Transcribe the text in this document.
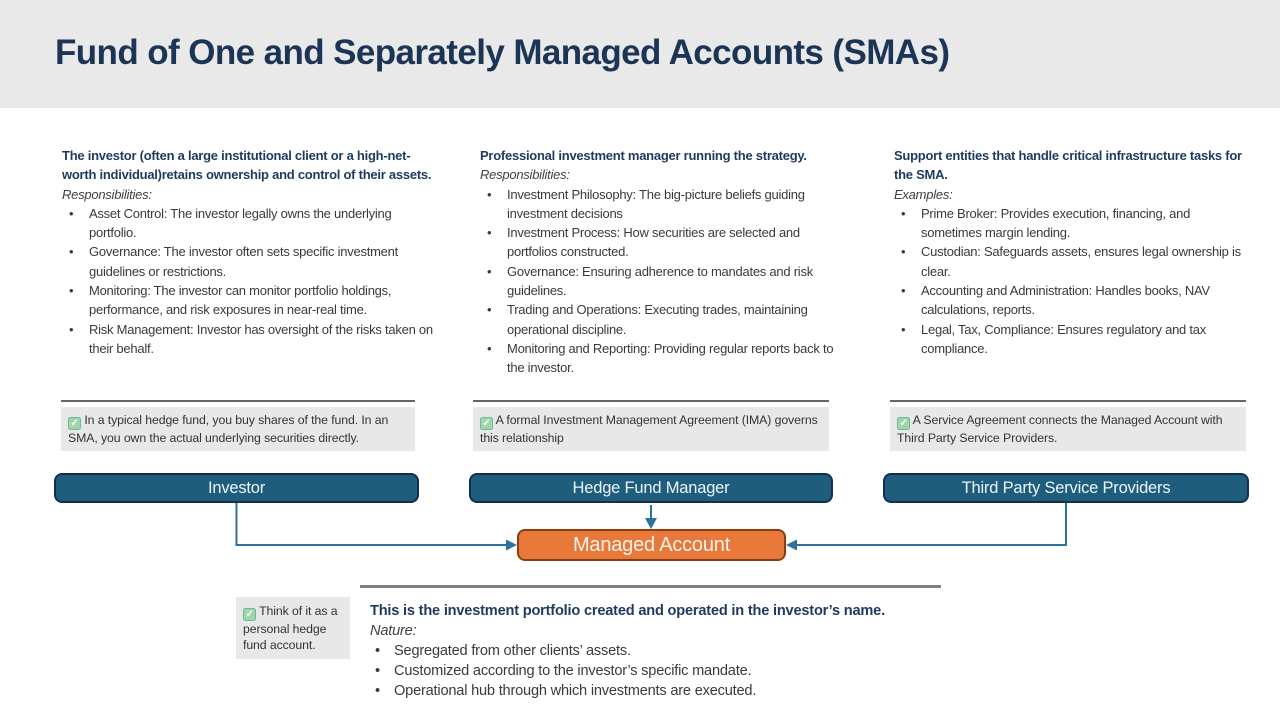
Fund of One and Separately Managed Accounts (SMAs)

The investor (often a large institutional client or a high-net-worth individual)retains ownership and control of their assets.

Responsibilities:

• Asset Control: The investor legally owns the underlying portfolio.
• Governance: The investor often sets specific investment guidelines or restrictions.
• Monitoring: The investor can monitor portfolio holdings, performance, and risk exposures in near-real time.
• Risk Management: Investor has oversight of the risks taken on their behalf.

Professional investment manager running the strategy.

Responsibilities:

• Investment Philosophy: The big-picture beliefs guiding investment decisions
• Investment Process: How securities are selected and portfolios constructed.
• Governance: Ensuring adherence to mandates and risk guidelines.
• Trading and Operations: Executing trades, maintaining operational discipline.
• Monitoring and Reporting: Providing regular reports back to the investor.

Support entities that handle critical infrastructure tasks for the SMA.

Examples:

• Prime Broker: Provides execution, financing, and sometimes margin lending.
• Custodian: Safeguards assets, ensures legal ownership is clear.
• Accounting and Administration: Handles books, NAV calculations, reports.
• Legal, Tax, Compliance: Ensures regulatory and tax compliance.
✓ In a typical hedge fund, you buy shares of the fund. In an SMA, you own the actual underlying securities directly.
✓ A formal Investment Management Agreement (IMA) governs this relationship
✓ A Service Agreement connects the Managed Account with Third Party Service Providers.
Investor	Hedge Fund Manager	Third Party Service Providers
Managed Account
✓ Think of it as a personal hedge fund account.

This is the investment portfolio created and operated in the investor’s name.

Nature:

• Segregated from other clients’ assets.
• Customized according to the investor’s specific mandate.
• Operational hub through which investments are executed.
